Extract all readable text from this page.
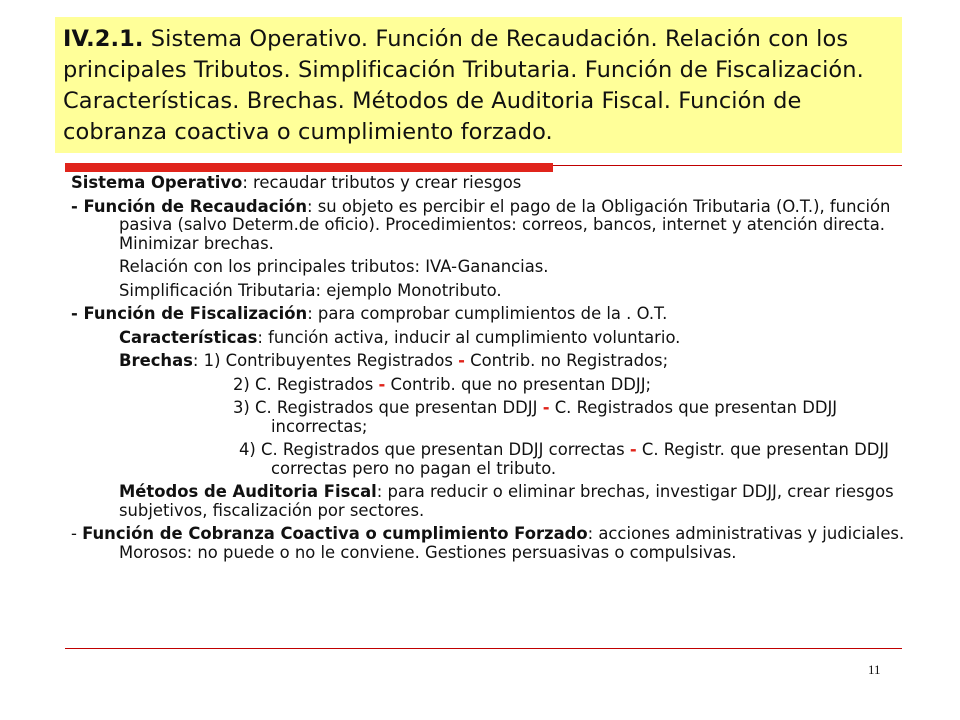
IV.2.1. Sistema Operativo. Función de Recaudación. Relación con los principales Tributos. Simplificación Tributaria. Función de Fiscalización. Características. Brechas. Métodos de Auditoria Fiscal. Función de cobranza coactiva o cumplimiento forzado.

Sistema Operativo: recaudar tributos y crear riesgos

- Función de Recaudación: su objeto es percibir el pago de la Obligación Tributaria (O.T.), función pasiva (salvo Determ.de oficio). Procedimientos: correos, bancos, internet y atención directa. Minimizar brechas.

Relación con los principales tributos: IVA-Ganancias.

Simplificación Tributaria: ejemplo Monotributo.

- Función de Fiscalización: para comprobar cumplimientos de la . O.T.

Características: función activa, inducir al cumplimiento voluntario.

Brechas: 1) Contribuyentes Registrados - Contrib. no Registrados;

2) C. Registrados - Contrib. que no presentan DDJJ;

3) C. Registrados que presentan DDJJ - C. Registrados que presentan DDJJ incorrectas;

4) C. Registrados que presentan DDJJ correctas - C. Registr. que presentan DDJJ correctas pero no pagan el tributo.

Métodos de Auditoria Fiscal: para reducir o eliminar brechas, investigar DDJJ, crear riesgos subjetivos, fiscalización por sectores.

- Función de Cobranza Coactiva o cumplimiento Forzado: acciones administrativas y judiciales. Morosos: no puede o no le conviene. Gestiones persuasivas o compulsivas.

11
